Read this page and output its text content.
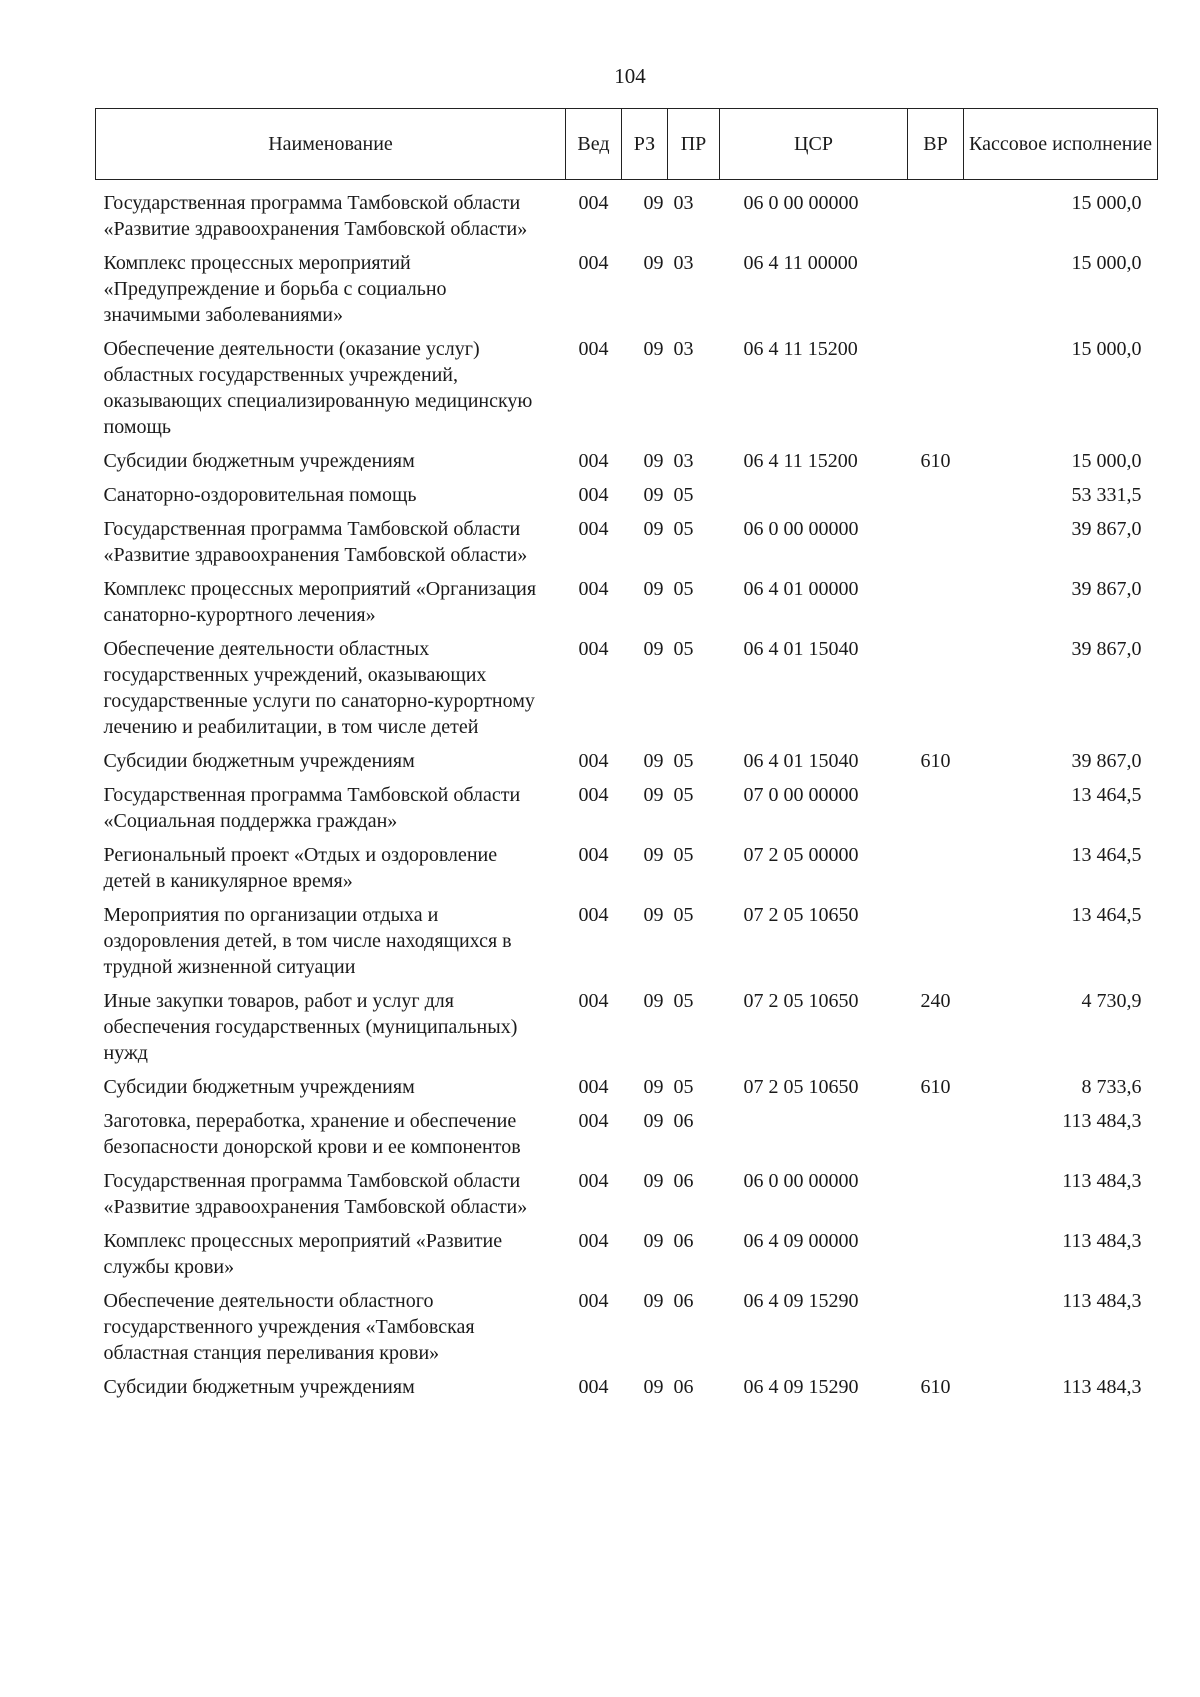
104
Наименование	Вед	РЗ	ПР	ЦСР	ВР	Кассовое исполнение
Государственная программа Тамбовской области «Развитие здравоохранения Тамбовской области»	004	09	03	06 0 00 00000		15 000,0
Комплекс процессных мероприятий «Предупреждение и борьба с социально значимыми заболеваниями»	004	09	03	06 4 11 00000		15 000,0
Обеспечение деятельности (оказание услуг) областных государственных учреждений, оказывающих специализированную медицинскую помощь	004	09	03	06 4 11 15200		15 000,0
Субсидии бюджетным учреждениям	004	09	03	06 4 11 15200	610	15 000,0
Санаторно-оздоровительная помощь	004	09	05			53 331,5
Государственная программа Тамбовской области «Развитие здравоохранения Тамбовской области»	004	09	05	06 0 00 00000		39 867,0
Комплекс процессных мероприятий «Организация санаторно-курортного лечения»	004	09	05	06 4 01 00000		39 867,0
Обеспечение деятельности областных государственных учреждений, оказывающих государственные услуги по санаторно-курортному лечению и реабилитации, в том числе детей	004	09	05	06 4 01 15040		39 867,0
Субсидии бюджетным учреждениям	004	09	05	06 4 01 15040	610	39 867,0
Государственная программа Тамбовской области «Социальная поддержка граждан»	004	09	05	07 0 00 00000		13 464,5
Региональный проект «Отдых и оздоровление детей в каникулярное время»	004	09	05	07 2 05 00000		13 464,5
Мероприятия по организации отдыха и оздоровления детей, в том числе находящихся в трудной жизненной ситуации	004	09	05	07 2 05 10650		13 464,5
Иные закупки товаров, работ и услуг для обеспечения государственных (муниципальных) нужд	004	09	05	07 2 05 10650	240	4 730,9
Субсидии бюджетным учреждениям	004	09	05	07 2 05 10650	610	8 733,6
Заготовка, переработка, хранение и обеспечение безопасности донорской крови и ее компонентов	004	09	06			113 484,3
Государственная программа Тамбовской области «Развитие здравоохранения Тамбовской области»	004	09	06	06 0 00 00000		113 484,3
Комплекс процессных мероприятий «Развитие службы крови»	004	09	06	06 4 09 00000		113 484,3
Обеспечение деятельности областного государственного учреждения «Тамбовская областная станция переливания крови»	004	09	06	06 4 09 15290		113 484,3
Субсидии бюджетным учреждениям	004	09	06	06 4 09 15290	610	113 484,3
